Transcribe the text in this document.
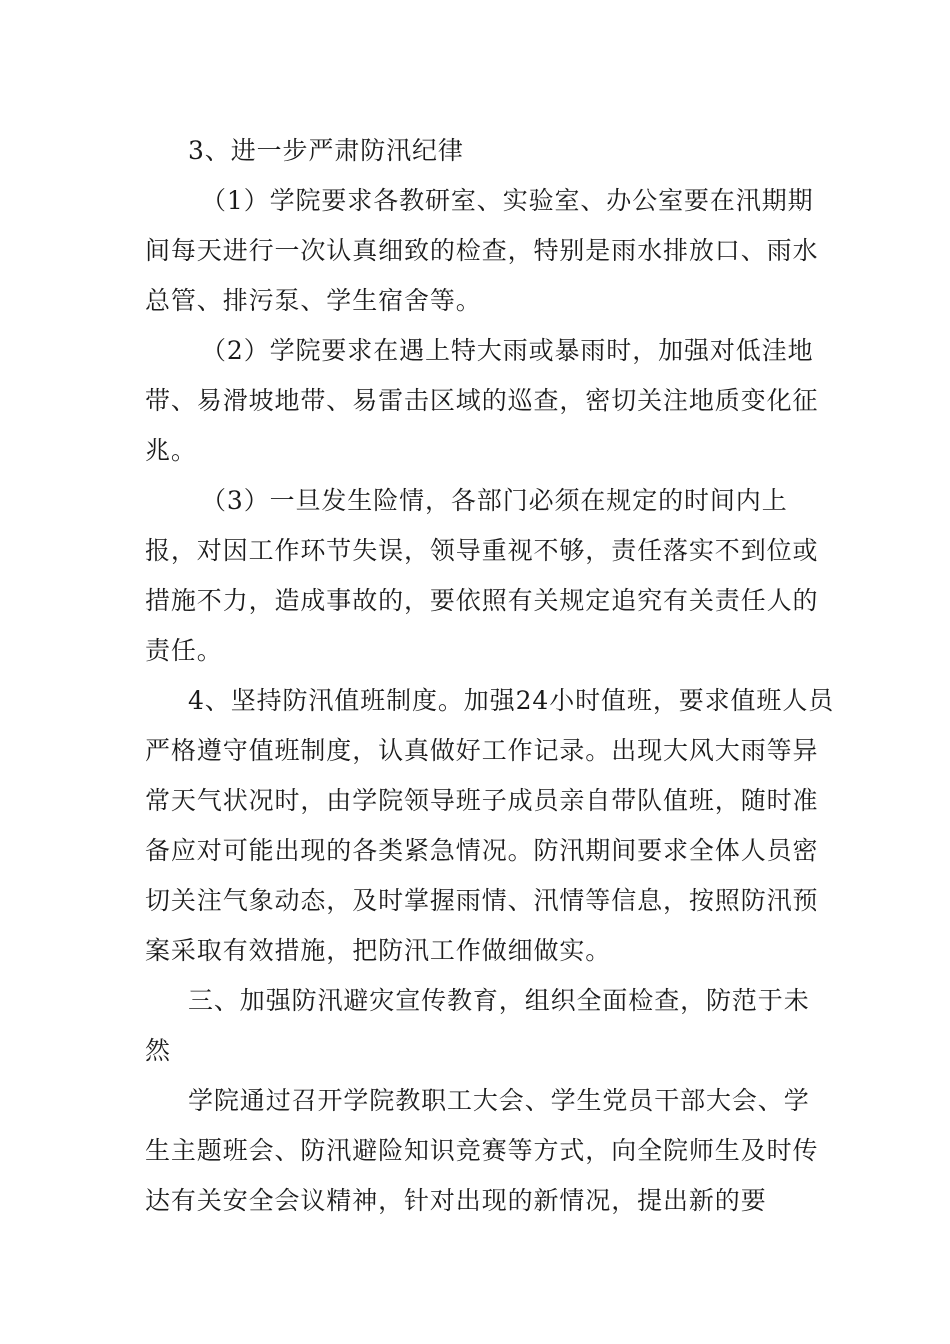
3、进一步严肃防汛纪律

（1）学院要求各教研室、实验室、办公室要在汛期期间每天进行一次认真细致的检查，特别是雨水排放口、雨水总管、排污泵、学生宿舍等。

（2）学院要求在遇上特大雨或暴雨时，加强对低洼地带、易滑坡地带、易雷击区域的巡查，密切关注地质变化征兆。

（3）一旦发生险情，各部门必须在规定的时间内上报，对因工作环节失误，领导重视不够，责任落实不到位或措施不力，造成事故的，要依照有关规定追究有关责任人的责任。

4、坚持防汛值班制度。加强24小时值班，要求值班人员严格遵守值班制度，认真做好工作记录。出现大风大雨等异常天气状况时，由学院领导班子成员亲自带队值班，随时准备应对可能出现的各类紧急情况。防汛期间要求全体人员密切关注气象动态，及时掌握雨情、汛情等信息，按照防汛预案采取有效措施，把防汛工作做细做实。

三、加强防汛避灾宣传教育，组织全面检查，防范于未然

学院通过召开学院教职工大会、学生党员干部大会、学生主题班会、防汛避险知识竞赛等方式，向全院师生及时传达有关安全会议精神，针对出现的新情况，提出新的要
